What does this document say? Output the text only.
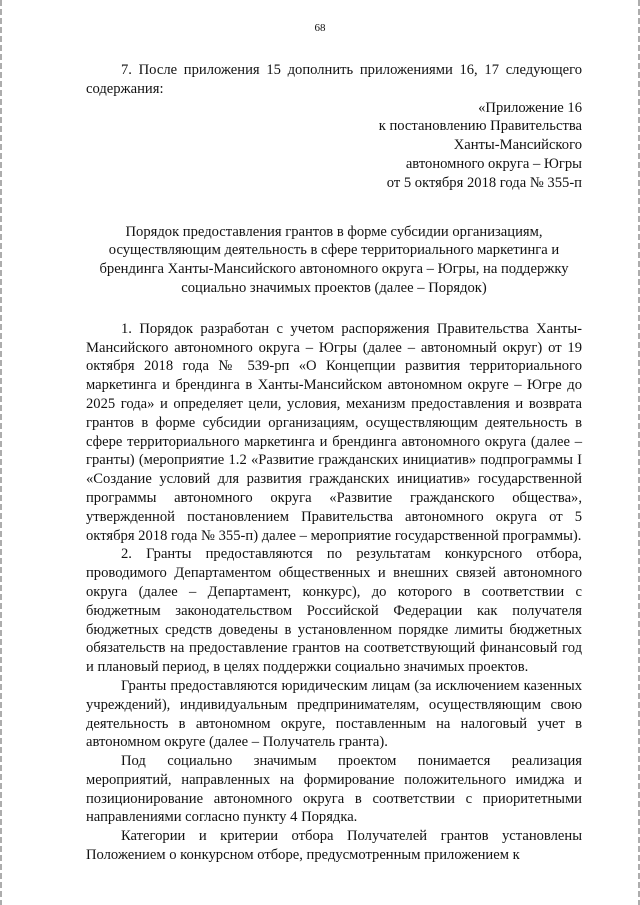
68

7. После приложения 15 дополнить приложениями 16, 17 следующего содержания:

«Приложение 16
к постановлению Правительства
Ханты-Мансийского
автономного округа – Югры
от 5 октября 2018 года № 355-п
Порядок предоставления грантов в форме субсидии организациям, осуществляющим деятельность в сфере территориального маркетинга и брендинга Ханты-Мансийского автономного округа – Югры, на поддержку социально значимых проектов (далее – Порядок)

1. Порядок разработан с учетом распоряжения Правительства Ханты-Мансийского автономного округа – Югры (далее – автономный округ) от 19 октября 2018 года № 539-рп «О Концепции развития территориального маркетинга и брендинга в Ханты-Мансийском автономном округе – Югре до 2025 года» и определяет цели, условия, механизм предоставления и возврата грантов в форме субсидии организациям, осуществляющим деятельность в сфере территориального маркетинга и брендинга автономного округа (далее – гранты) (мероприятие 1.2 «Развитие гражданских инициатив» подпрограммы I «Создание условий для развития гражданских инициатив» государственной программы автономного округа «Развитие гражданского общества», утвержденной постановлением Правительства автономного округа от 5 октября 2018 года № 355-п) далее – мероприятие государственной программы).

2. Гранты предоставляются по результатам конкурсного отбора, проводимого Департаментом общественных и внешних связей автономного округа (далее – Департамент, конкурс), до которого в соответствии с бюджетным законодательством Российской Федерации как получателя бюджетных средств доведены в установленном порядке лимиты бюджетных обязательств на предоставление грантов на соответствующий финансовый год и плановый период, в целях поддержки социально значимых проектов.

Гранты предоставляются юридическим лицам (за исключением казенных учреждений), индивидуальным предпринимателям, осуществляющим свою деятельность в автономном округе, поставленным на налоговый учет в автономном округе (далее – Получатель гранта).

Под социально значимым проектом понимается реализация мероприятий, направленных на формирование положительного имиджа и позиционирование автономного округа в соответствии с приоритетными направлениями согласно пункту 4 Порядка.

Категории и критерии отбора Получателей грантов установлены Положением о конкурсном отборе, предусмотренным приложением к
